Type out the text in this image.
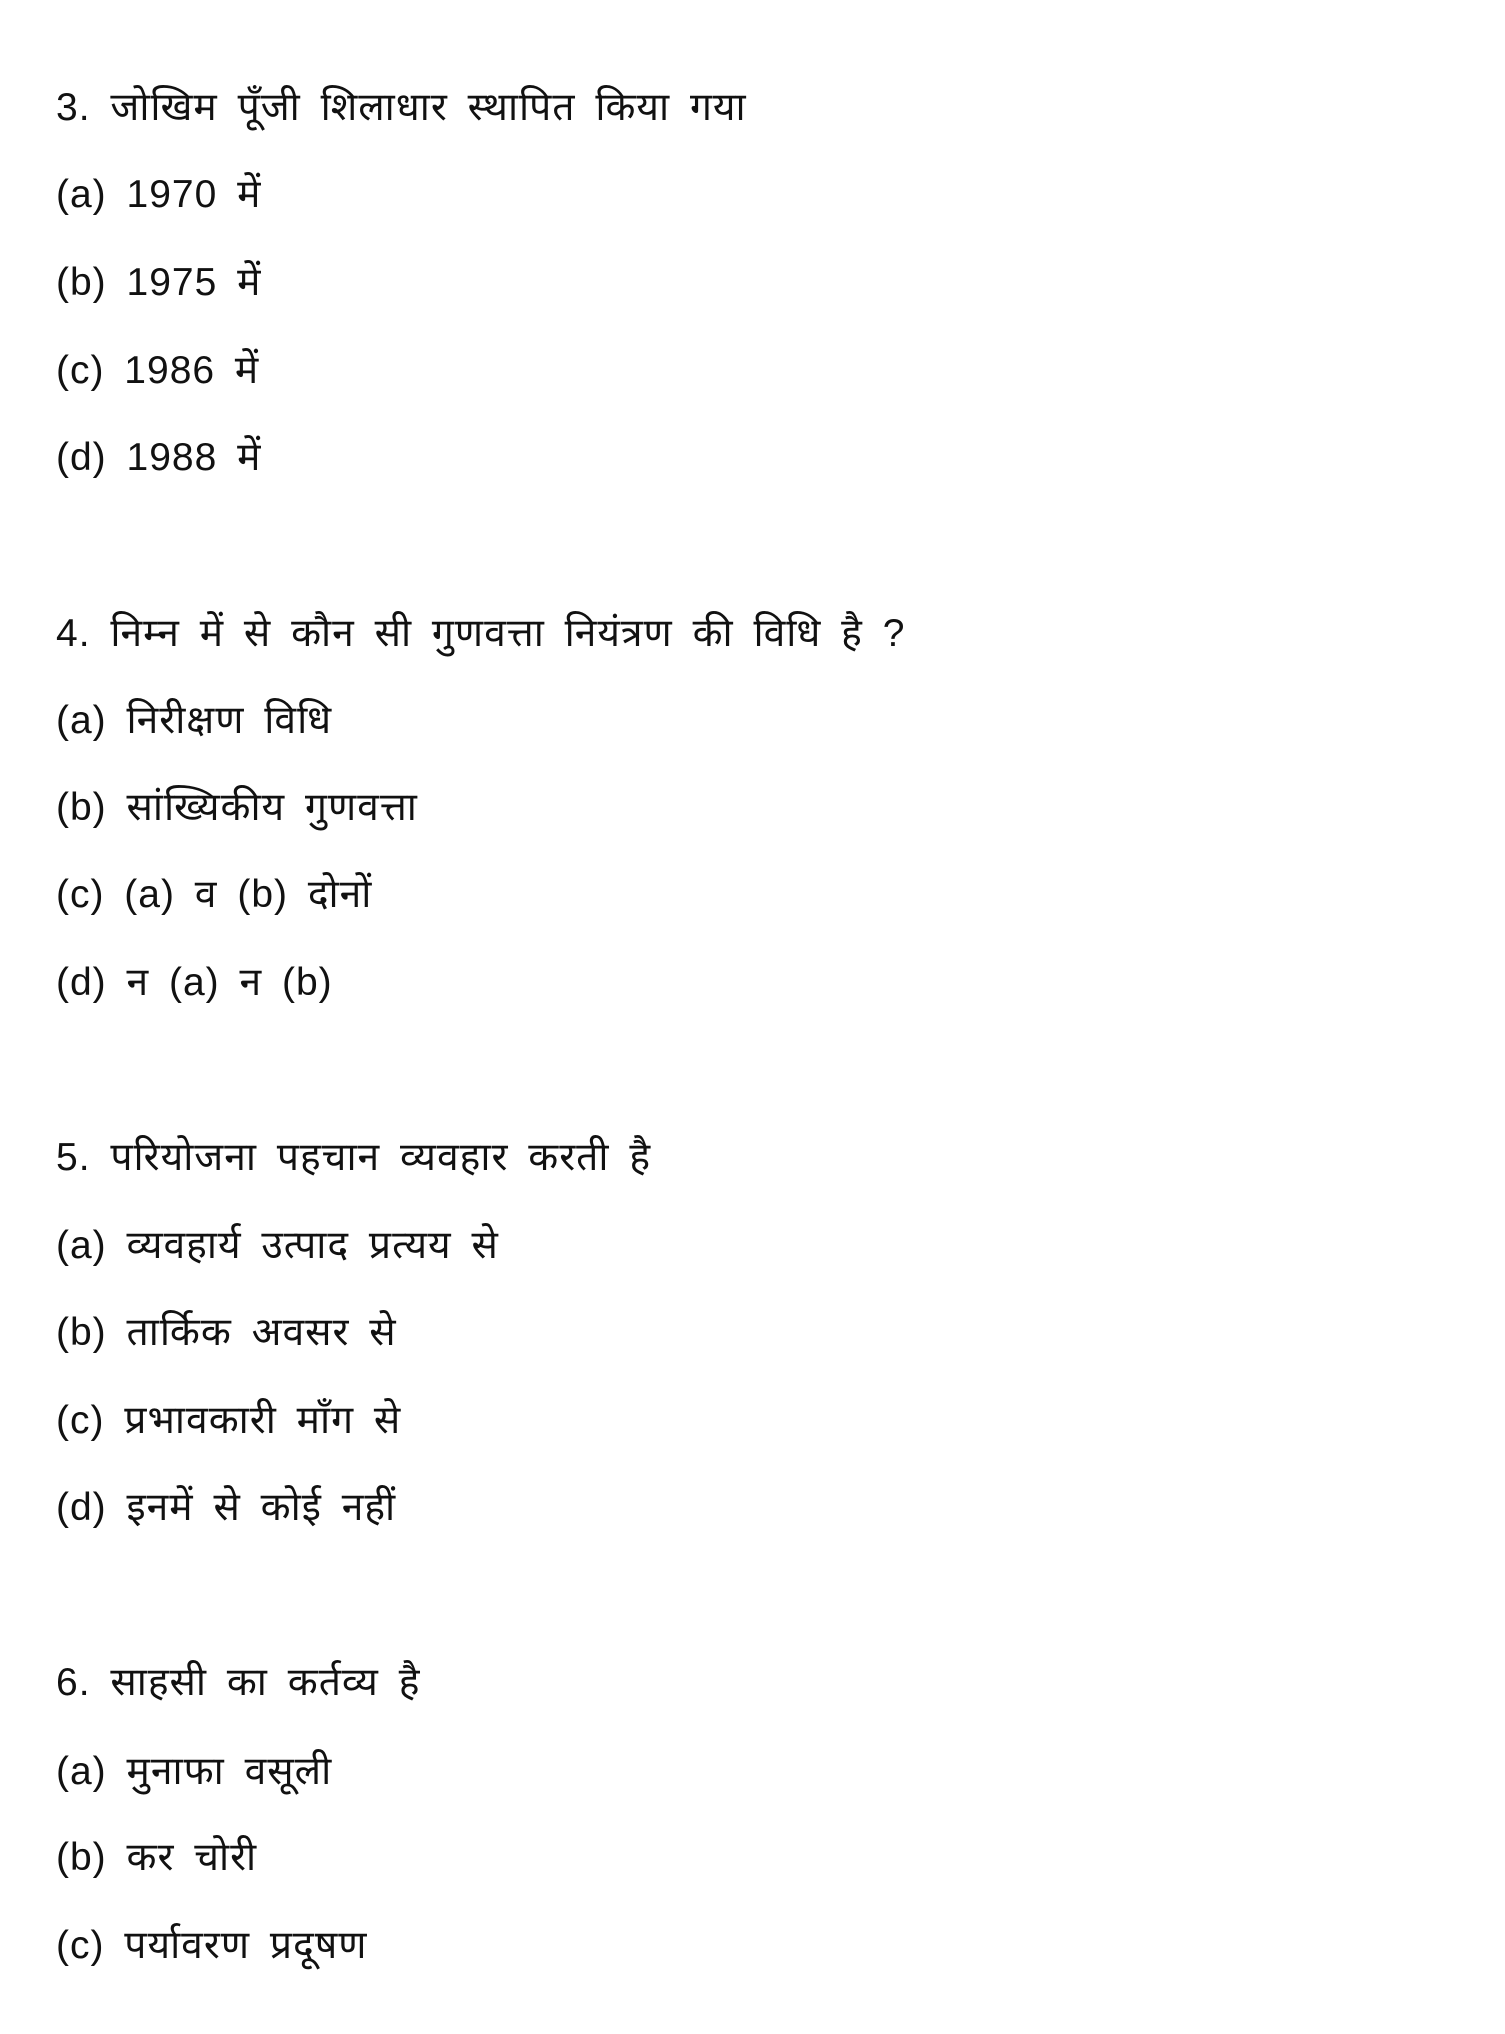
3. जोखिम पूँजी शिलाधार स्थापित किया गया
(a) 1970 में
(b) 1975 में
(c) 1986 में
(d) 1988 में
4. निम्न में से कौन सी गुणवत्ता नियंत्रण की विधि है ?
(a) निरीक्षण विधि
(b) सांख्यिकीय गुणवत्ता
(c) (a) व (b) दोनों
(d) न (a) न (b)
5. परियोजना पहचान व्यवहार करती है
(a) व्यवहार्य उत्पाद प्रत्यय से
(b) तार्किक अवसर से
(c) प्रभावकारी माँग से
(d) इनमें से कोई नहीं
6. साहसी का कर्तव्य है
(a) मुनाफा वसूली
(b) कर चोरी
(c) पर्यावरण प्रदूषण
